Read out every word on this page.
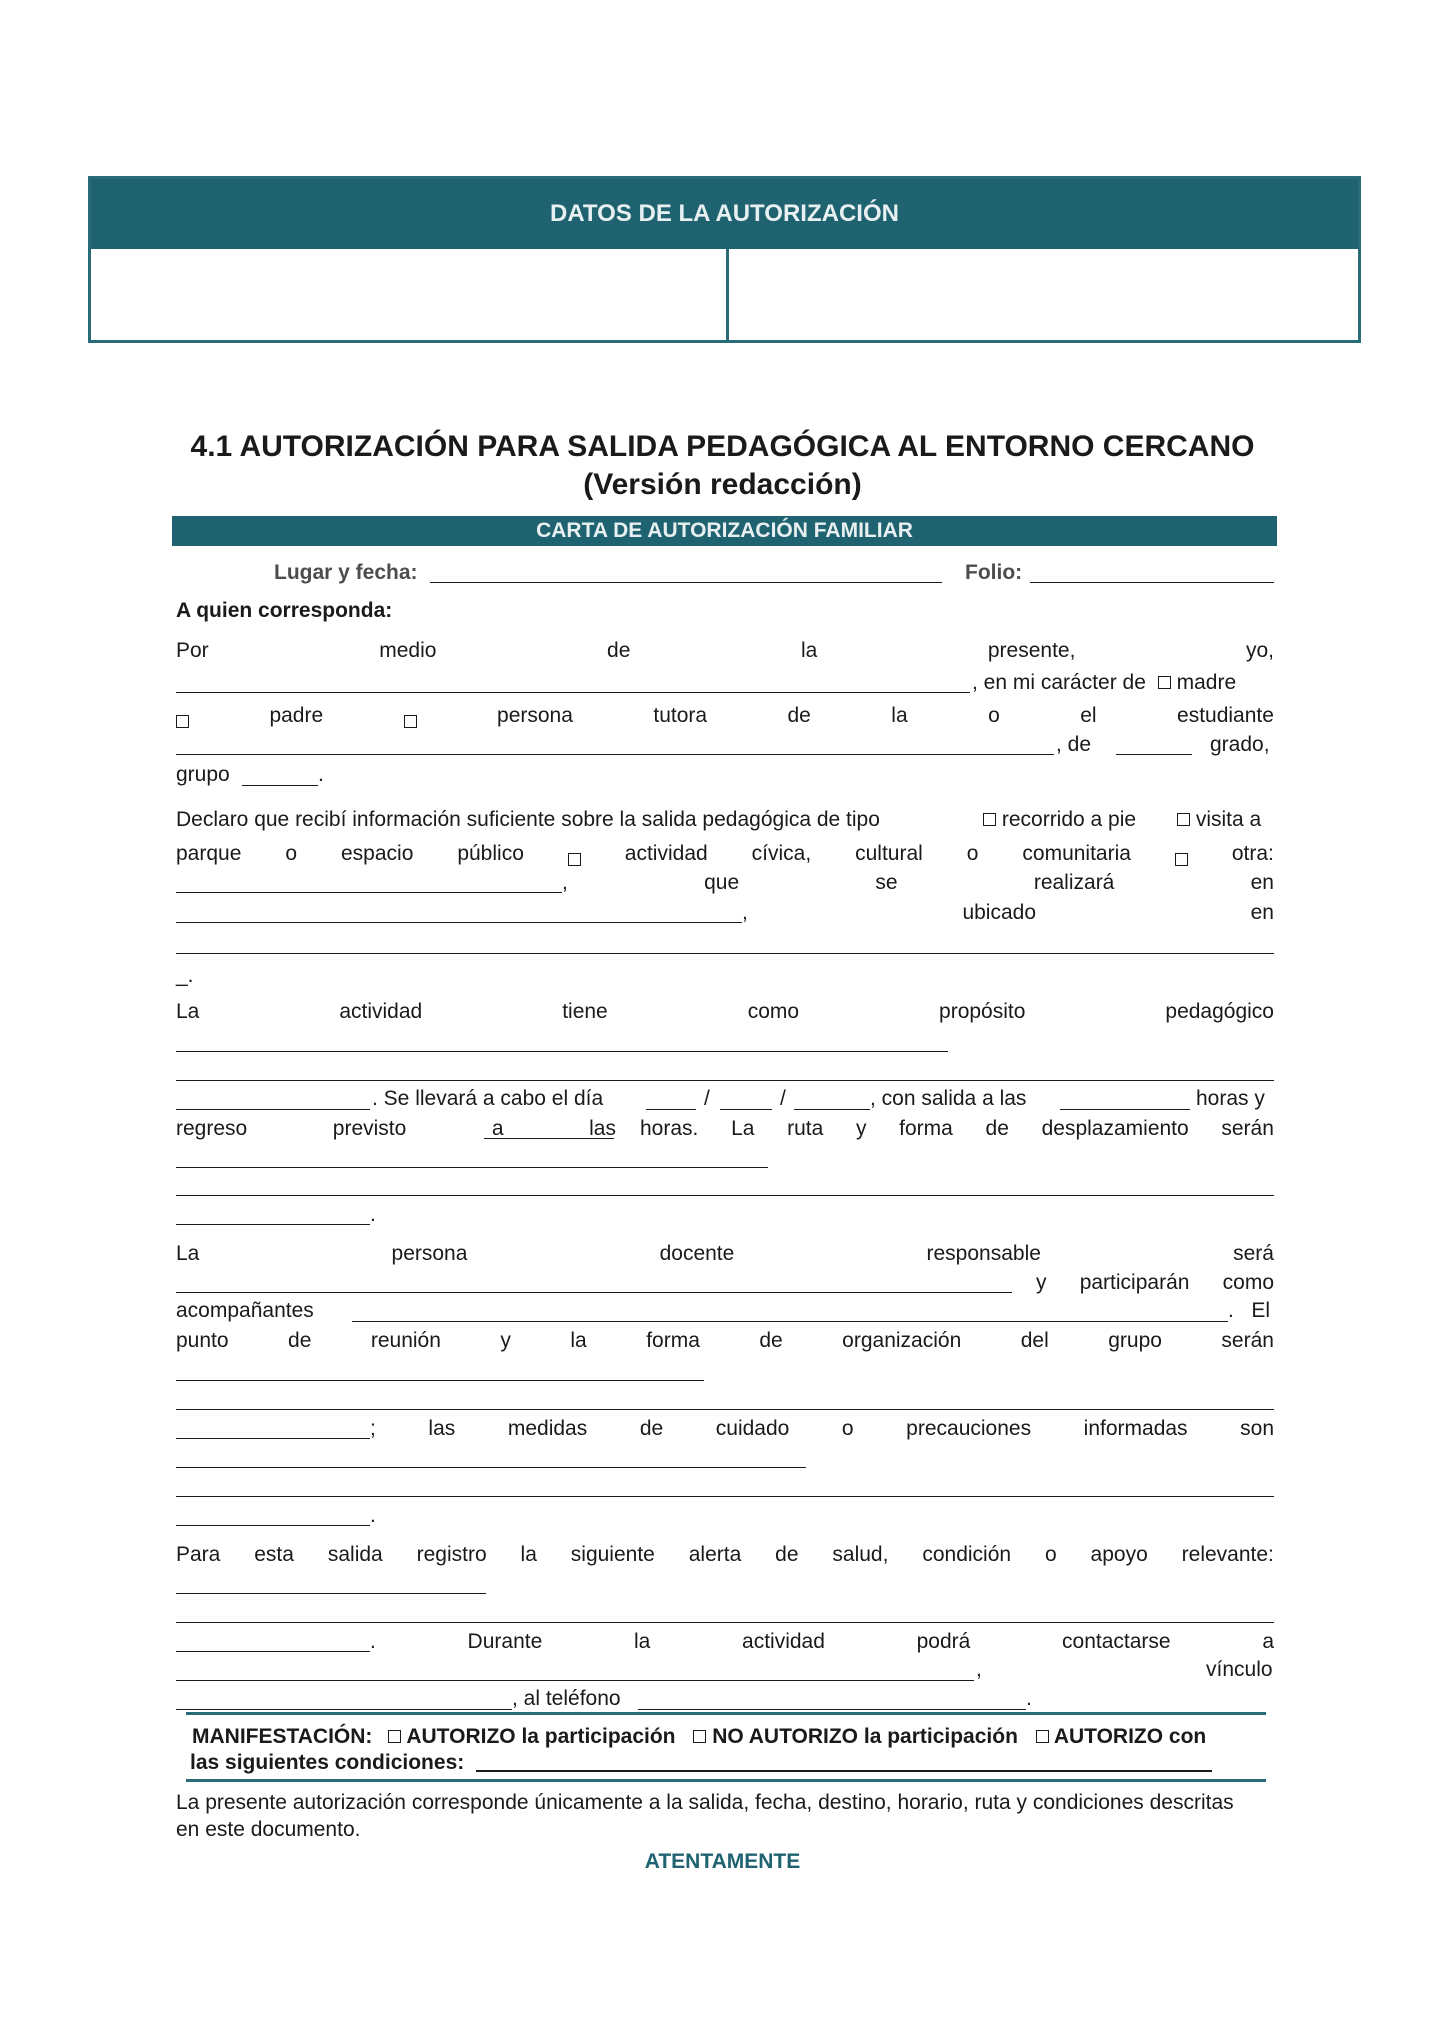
DATOS DE LA AUTORIZACIÓN
4.1 AUTORIZACIÓN PARA SALIDA PEDAGÓGICA AL ENTORNO CERCANO
(Versión redacción)
CARTA DE AUTORIZACIÓN FAMILIAR
Lugar y fecha:	Folio:
A quien corresponda:
Por	medio	de	la	presente,	yo,
, en mi carácter de madre
padre	persona	tutora	de	la	o	el	estudiante
, de	grado,
grupo	.
Declaro que recibí información suficiente sobre la salida pedagógica de tipo	recorrido a pie	visita a
parque o espacio público	actividad cívica, cultural o comunitaria	otra:
,	que	se	realizará	en
,	ubicado	en
_.
La	actividad	tiene	como	propósito	pedagógico
. Se llevará a cabo el día	/	/	, con salida a las	horas y
regreso	previsto	a	las horas. La ruta y forma de desplazamiento serán
.
La	persona	docente	responsable	será
y participarán como
acompañantes	.   El
punto	de	reunión	y	la	forma	de	organización	del	grupo	serán
;	las	medidas	de	cuidado	o	precauciones	informadas	son
.
Para esta salida registro la siguiente alerta de salud, condición o apoyo relevante:
.	Durante	la	actividad	podrá	contactarse	a
,	vínculo
, al teléfono	.
MANIFESTACIÓN: AUTORIZO la participación NO AUTORIZO la participación AUTORIZO con
las siguientes condiciones:
La presente autorización corresponde únicamente a la salida, fecha, destino, horario, ruta y condiciones descritas
en este documento.
ATENTAMENTE
